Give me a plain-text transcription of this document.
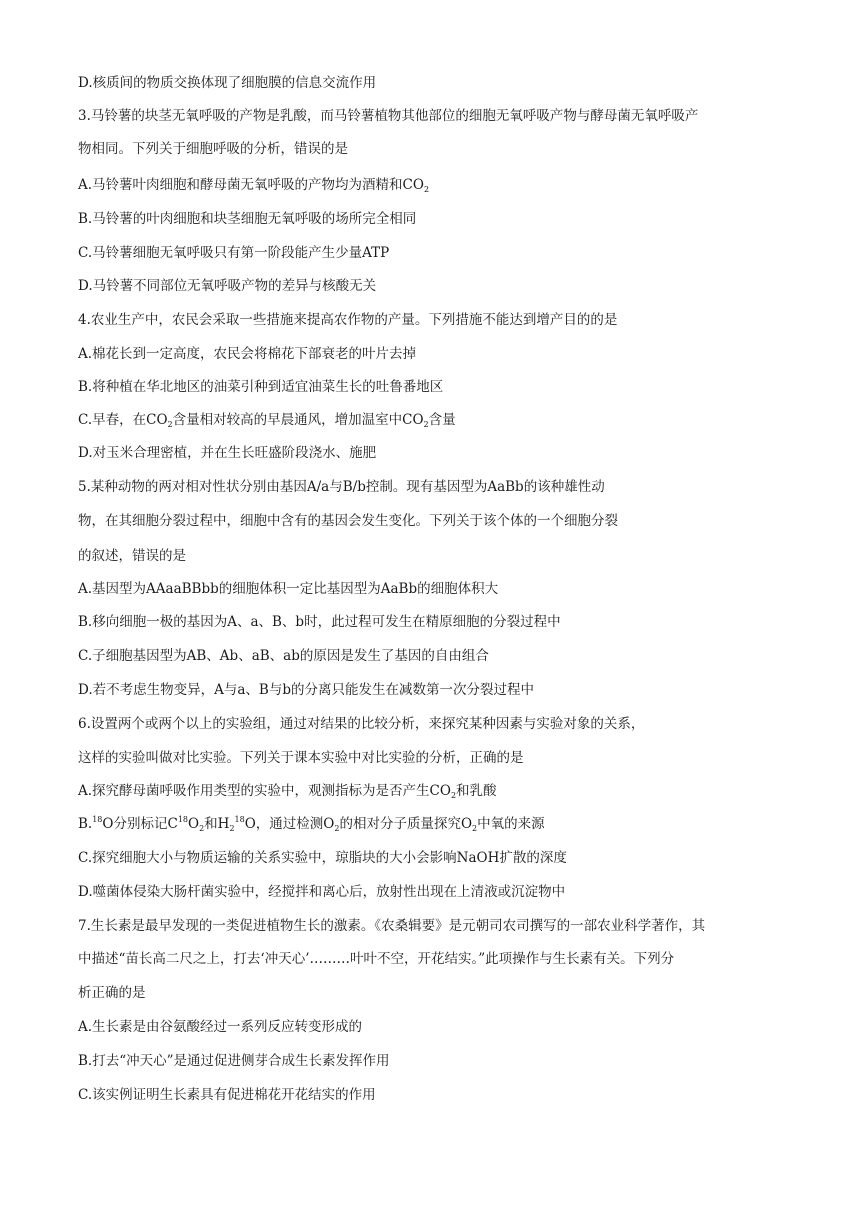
D.核质间的物质交换体现了细胞膜的信息交流作用
3.马铃薯的块茎无氧呼吸的产物是乳酸，而马铃薯植物其他部位的细胞无氧呼吸产物与酵母菌无氧呼吸产
物相同。下列关于细胞呼吸的分析，错误的是
A.马铃薯叶肉细胞和酵母菌无氧呼吸的产物均为酒精和$CO_2$
B.马铃薯的叶肉细胞和块茎细胞无氧呼吸的场所完全相同
C.马铃薯细胞无氧呼吸只有第一阶段能产生少量ATP
D.马铃薯不同部位无氧呼吸产物的差异与核酸无关
4.农业生产中，农民会采取一些措施来提高农作物的产量。下列措施不能达到增产目的的是
A.棉花长到一定高度，农民会将棉花下部衰老的叶片去掉
B.将种植在华北地区的油菜引种到适宜油菜生长的吐鲁番地区
C.早春，在$CO_2$含量相对较高的早晨通风，增加温室中$CO_2$含量
D.对玉米合理密植，并在生长旺盛阶段浇水、施肥
5.某种动物的两对相对性状分别由基因A/a与B/b控制。现有基因型为AaBb的该种雄性动
物，在其细胞分裂过程中，细胞中含有的基因会发生变化。下列关于该个体的一个细胞分裂
的叙述，错误的是
A.基因型为AAaaBBbb的细胞体积一定比基因型为AaBb的细胞体积大
B.移向细胞一极的基因为A、a、B、b时，此过程可发生在精原细胞的分裂过程中
C.子细胞基因型为AB、Ab、aB、ab的原因是发生了基因的自由组合
D.若不考虑生物变异，A与a、B与b的分离只能发生在减数第一次分裂过程中
6.设置两个或两个以上的实验组，通过对结果的比较分析，来探究某种因素与实验对象的关系，
这样的实验叫做对比实验。下列关于课本实验中对比实验的分析，正确的是
A.探究酵母菌呼吸作用类型的实验中，观测指标为是否产生$CO_2$和乳酸
B.$^{18}$O分别标记$C^{18}O_2$和$H_2^{18}O$，通过检测$O_2$的相对分子质量探究$O_2$中氧的来源
C.探究细胞大小与物质运输的关系实验中，琼脂块的大小会影响NaOH扩散的深度
D.噬菌体侵染大肠杆菌实验中，经搅拌和离心后，放射性出现在上清液或沉淀物中
7.生长素是最早发现的一类促进植物生长的激素。《农桑辑要》是元朝司农司撰写的一部农业科学著作，其
中描述“苗长高二尺之上，打去‘冲天心’………叶叶不空，开花结实。”此项操作与生长素有关。下列分
析正确的是
A.生长素是由谷氨酸经过一系列反应转变形成的
B.打去“冲天心”是通过促进侧芽合成生长素发挥作用
C.该实例证明生长素具有促进棉花开花结实的作用
